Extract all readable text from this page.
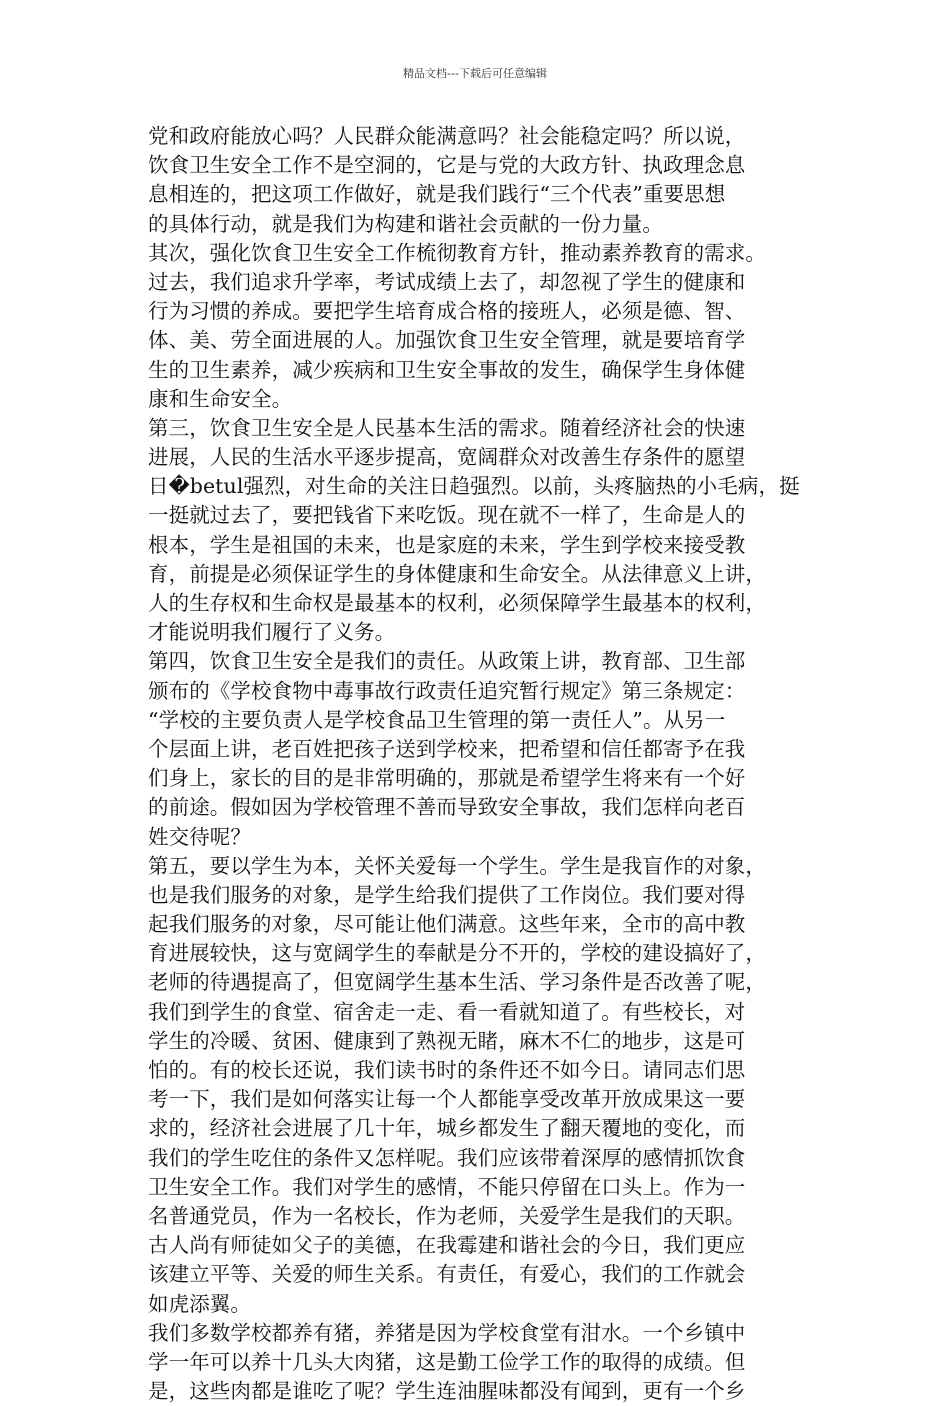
精品文档---下载后可任意编辑
党和政府能放心吗？人民群众能满意吗？社会能稳定吗？所以说，
饮食卫生安全工作不是空洞的，它是与党的大政方针、执政理念息
息相连的，把这项工作做好，就是我们践行“三个代表”重要思想
的具体行动，就是我们为构建和谐社会贡献的一份力量。
其次，强化饮食卫生安全工作梳彻教育方针，推动素养教育的需求。
过去，我们追求升学率，考试成绩上去了，却忽视了学生的健康和
行为习惯的养成。要把学生培育成合格的接班人，必须是德、智、
体、美、劳全面进展的人。加强饮食卫生安全管理，就是要培育学
生的卫生素养，减少疾病和卫生安全事故的发生，确保学生身体健
康和生命安全。
第三，饮食卫生安全是人民基本生活的需求。随着经济社会的快速
进展，人民的生活水平逐步提高，宽阔群众对改善生存条件的愿望
日�betul强烈，对生命的关注日趋强烈。以前，头疼脑热的小毛病，挺
一挺就过去了，要把钱省下来吃饭。现在就不一样了，生命是人的
根本，学生是祖国的未来，也是家庭的未来，学生到学校来接受教
育，前提是必须保证学生的身体健康和生命安全。从法律意义上讲，
人的生存权和生命权是最基本的权利，必须保障学生最基本的权利，
才能说明我们履行了义务。
第四，饮食卫生安全是我们的责任。从政策上讲，教育部、卫生部
颁布的《学校食物中毒事故行政责任追究暂行规定》第三条规定：
“学校的主要负责人是学校食品卫生管理的第一责任人”。从另一
个层面上讲，老百姓把孩子送到学校来，把希望和信任都寄予在我
们身上，家长的目的是非常明确的，那就是希望学生将来有一个好
的前途。假如因为学校管理不善而导致安全事故，我们怎样向老百
姓交待呢？
第五，要以学生为本，关怀关爱每一个学生。学生是我盲作的对象，
也是我们服务的对象，是学生给我们提供了工作岗位。我们要对得
起我们服务的对象，尽可能让他们满意。这些年来，全市的高中教
育进展较快，这与宽阔学生的奉献是分不开的，学校的建设搞好了，
老师的待遇提高了，但宽阔学生基本生活、学习条件是否改善了呢，
我们到学生的食堂、宿舍走一走、看一看就知道了。有些校长，对
学生的冷暖、贫困、健康到了熟视无睹，麻木不仁的地步，这是可
怕的。有的校长还说，我们读书时的条件还不如今日。请同志们思
考一下，我们是如何落实让每一个人都能享受改革开放成果这一要
求的，经济社会进展了几十年，城乡都发生了翻天覆地的变化，而
我们的学生吃住的条件又怎样呢。我们应该带着深厚的感情抓饮食
卫生安全工作。我们对学生的感情，不能只停留在口头上。作为一
名普通党员，作为一名校长，作为老师，关爱学生是我们的天职。
古人尚有师徒如父子的美德，在我霉建和谐社会的今日，我们更应
该建立平等、关爱的师生关系。有责任，有爱心，我们的工作就会
如虎添翼。
我们多数学校都养有猪，养猪是因为学校食堂有泔水。一个乡镇中
学一年可以养十几头大肉猪，这是勤工俭学工作的取得的成绩。但
是，这些肉都是谁吃了呢？学生连油腥味都没有闻到，更有一个乡
